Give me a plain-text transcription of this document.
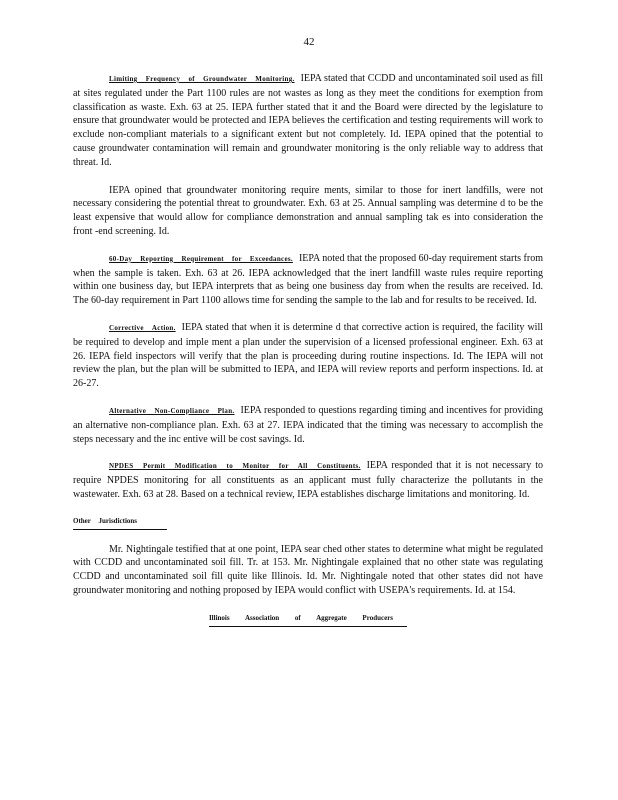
42

Limiting Frequency of Groundwater Monitoring. IEPA stated that CCDD and uncontaminated soil used as fill at sites regulated under the Part 1100 rules are not wastes as long as they meet the conditions for exemption from classification as waste. Exh. 63 at 25. IEPA further stated that it and the Board were directed by the legislature to ensure that groundwater would be protected and IEPA believes the certification and testing requirements will work to exclude non-compliant materials to a significant extent but not completely. Id. IEPA opined that the potential to cause groundwater contamination will remain and groundwater monitoring is the only reliable way to address that threat. Id.

IEPA opined that groundwater monitoring require ments, similar to those for inert landfills, were not necessary considering the potential threat to groundwater. Exh. 63 at 25. Annual sampling was determine d to be the least expensive that would allow for compliance demonstration and annual sampling tak es into consideration the front -end screening. Id.

60-Day Reporting Requirement for Exceedances. IEPA noted that the proposed 60-day requirement starts from when the sample is taken. Exh. 63 at 26. IEPA acknowledged that the inert landfill waste rules require reporting within one business day, but IEPA interprets that as being one business day from when the results are received. Id. The 60-day requirement in Part 1100 allows time for sending the sample to the lab and for results to be received. Id.

Corrective Action. IEPA stated that when it is determine d that corrective action is required, the facility will be required to develop and imple ment a plan under the supervision of a licensed professional engineer. Exh. 63 at 26. IEPA field inspectors will verify that the plan is proceeding during routine inspections. Id. The IEPA will not review the plan, but the plan will be submitted to IEPA, and IEPA will review reports and perform inspections. Id. at 26-27.

Alternative Non-Compliance Plan. IEPA responded to questions regarding timing and incentives for providing an alternative non-compliance plan. Exh. 63 at 27. IEPA indicated that the timing was necessary to accomplish the steps necessary and the inc entive will be cost savings. Id.

NPDES Permit Modification to Monitor for All Constituents. IEPA responded that it is not necessary to require NPDES monitoring for all constituents as an applicant must fully characterize the pollutants in the wastewater. Exh. 63 at 28. Based on a technical review, IEPA establishes discharge limitations and monitoring. Id.

Other Jurisdictions

Mr. Nightingale testified that at one point, IEPA sear ched other states to determine what might be regulated with CCDD and uncontaminated soil fill. Tr. at 153. Mr. Nightingale explained that no other state was regulating CCDD and uncontaminated soil fill quite like Illinois. Id. Mr. Nightingale noted that other states did not have groundwater monitoring and nothing proposed by IEPA would conflict with USEPA's requirements. Id. at 154.

Illinois Association of Aggregate Producers
